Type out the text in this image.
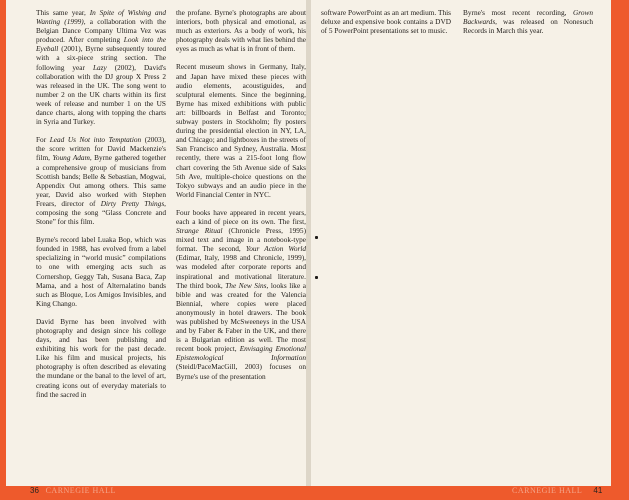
This same year, In Spite of Wishing and Wanting (1999), a collaboration with the Belgian Dance Company Ultima Vez was produced. After completing Look into the Eyeball (2001), Byrne subsequently toured with a six-piece string section. The following year Lazy (2002), David's collaboration with the DJ group X Press 2 was released in the UK. The song went to number 2 on the UK charts within its first week of release and number 1 on the US dance charts, along with topping the charts in Syria and Turkey.

For Lead Us Not into Temptation (2003), the score written for David Mackenzie's film, Young Adam, Byrne gathered together a comprehensive group of musicians from Scottish bands; Belle & Sebastian, Mogwai, Appendix Out among others. This same year, David also worked with Stephen Frears, director of Dirty Pretty Things, composing the song “Glass Concrete and Stone” for this film.

Byrne's record label Luaka Bop, which was founded in 1988, has evolved from a label specializing in “world music” compilations to one with emerging acts such as Cornershop, Geggy Tah, Susana Baca, Zap Mama, and a host of Alternalatino bands such as Bloque, Los Amigos Invisibles, and King Chango.

David Byrne has been involved with photography and design since his college days, and has been publishing and exhibiting his work for the past decade. Like his film and musical projects, his photography is often described as elevating the mundane or the banal to the level of art, creating icons out of everyday materials to find the sacred in

the profane. Byrne's photographs are about interiors, both physical and emotional, as much as exteriors. As a body of work, his photography deals with what lies behind the eyes as much as what is in front of them.

Recent museum shows in Germany, Italy, and Japan have mixed these pieces with audio elements, acoustiguides, and sculptural elements. Since the beginning, Byrne has mixed exhibitions with public art: billboards in Belfast and Toronto; subway posters in Stockholm; fly posters during the presidential election in NY, LA, and Chicago; and lightboxes in the streets of San Francisco and Sydney, Australia. Most recently, there was a 215-foot long flow chart covering the 5th Avenue side of Saks 5th Ave, multiple-choice questions on the Tokyo subways and an audio piece in the World Financial Center in NYC.

Four books have appeared in recent years, each a kind of piece on its own. The first, Strange Ritual (Chronicle Press, 1995) mixed text and image in a notebook-type format. The second, Your Action World (Edimar, Italy, 1998 and Chronicle, 1999), was modeled after corporate reports and inspirational and motivational literature. The third book, The New Sins, looks like a bible and was created for the Valencia Biennial, where copies were placed anonymously in hotel drawers. The book was published by McSweeneys in the USA and by Faber & Faber in the UK, and there is a Bulgarian edition as well. The most recent book project, Envisaging Emotional Epistemological Information (Steidl/PaceMacGill, 2003) focuses on Byrne's use of the presentation

software PowerPoint as an art medium. This deluxe and expensive book contains a DVD of 5 PowerPoint presentations set to music.

Byrne's most recent recording, Grown Backwards, was released on Nonesuch Records in March this year.

36 CARNEGIE HALL	CARNEGIE HALL 41
